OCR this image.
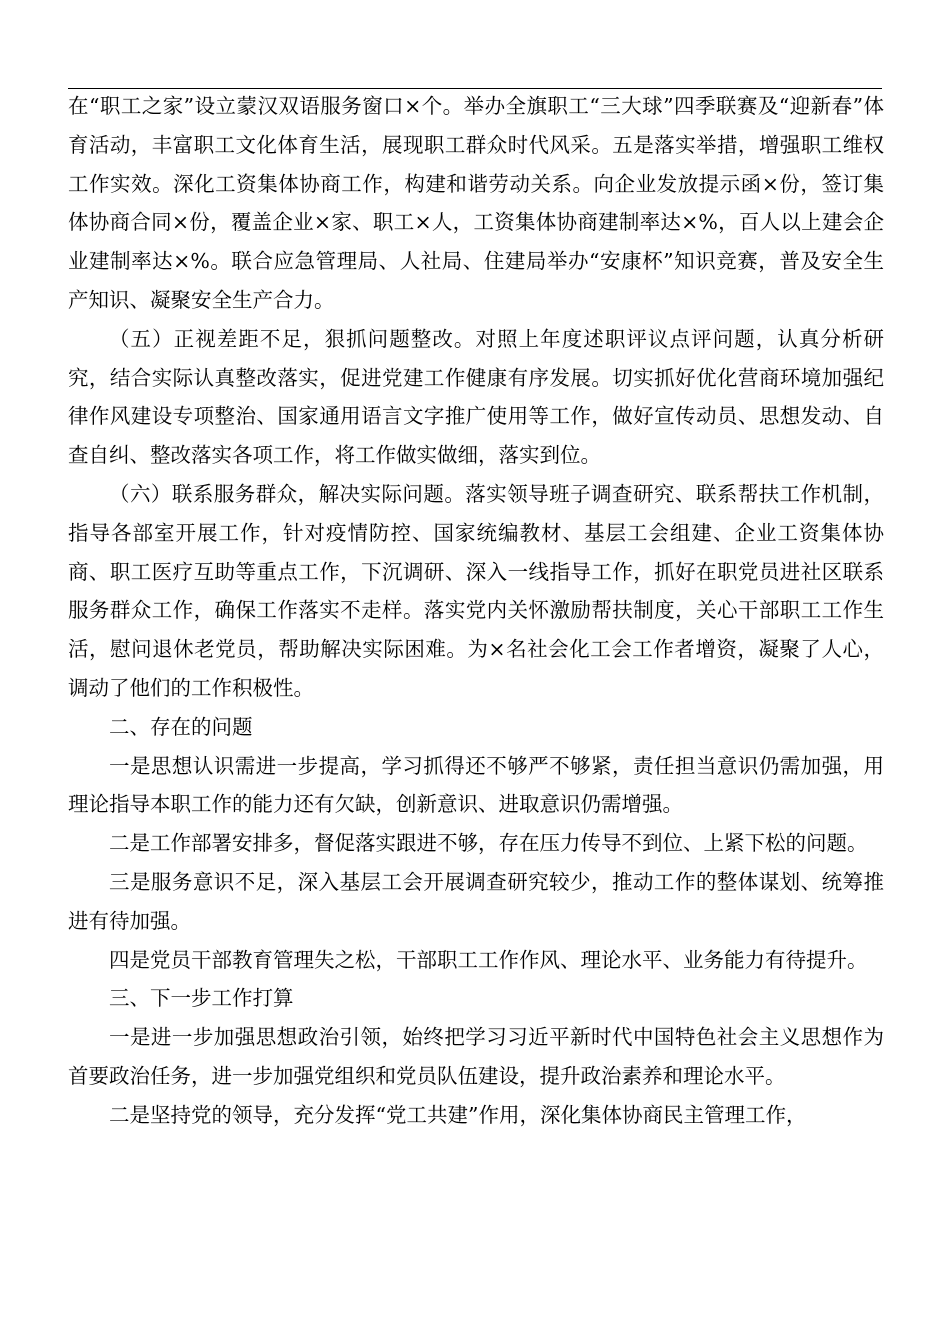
在“职工之家”设立蒙汉双语服务窗口×个。举办全旗职工“三大球”四季联赛及“迎新春”体育活动，丰富职工文化体育生活，展现职工群众时代风采。五是落实举措，增强职工维权工作实效。深化工资集体协商工作，构建和谐劳动关系。向企业发放提示函×份，签订集体协商合同×份，覆盖企业×家、职工×人，工资集体协商建制率达×%，百人以上建会企业建制率达×%。联合应急管理局、人社局、住建局举办“安康杯”知识竞赛，普及安全生产知识、凝聚安全生产合力。

（五）正视差距不足，狠抓问题整改。对照上年度述职评议点评问题，认真分析研究，结合实际认真整改落实，促进党建工作健康有序发展。切实抓好优化营商环境加强纪律作风建设专项整治、国家通用语言文字推广使用等工作，做好宣传动员、思想发动、自查自纠、整改落实各项工作，将工作做实做细，落实到位。

（六）联系服务群众，解决实际问题。落实领导班子调查研究、联系帮扶工作机制，指导各部室开展工作，针对疫情防控、国家统编教材、基层工会组建、企业工资集体协商、职工医疗互助等重点工作，下沉调研、深入一线指导工作，抓好在职党员进社区联系服务群众工作，确保工作落实不走样。落实党内关怀激励帮扶制度，关心干部职工工作生活，慰问退休老党员，帮助解决实际困难。为×名社会化工会工作者增资，凝聚了人心，调动了他们的工作积极性。

二、存在的问题

一是思想认识需进一步提高，学习抓得还不够严不够紧，责任担当意识仍需加强，用理论指导本职工作的能力还有欠缺，创新意识、进取意识仍需增强。

二是工作部署安排多，督促落实跟进不够，存在压力传导不到位、上紧下松的问题。

三是服务意识不足，深入基层工会开展调查研究较少，推动工作的整体谋划、统筹推进有待加强。

四是党员干部教育管理失之松，干部职工工作作风、理论水平、业务能力有待提升。

三、下一步工作打算

一是进一步加强思想政治引领，始终把学习习近平新时代中国特色社会主义思想作为首要政治任务，进一步加强党组织和党员队伍建设，提升政治素养和理论水平。

二是坚持党的领导，充分发挥“党工共建”作用，深化集体协商民主管理工作，
